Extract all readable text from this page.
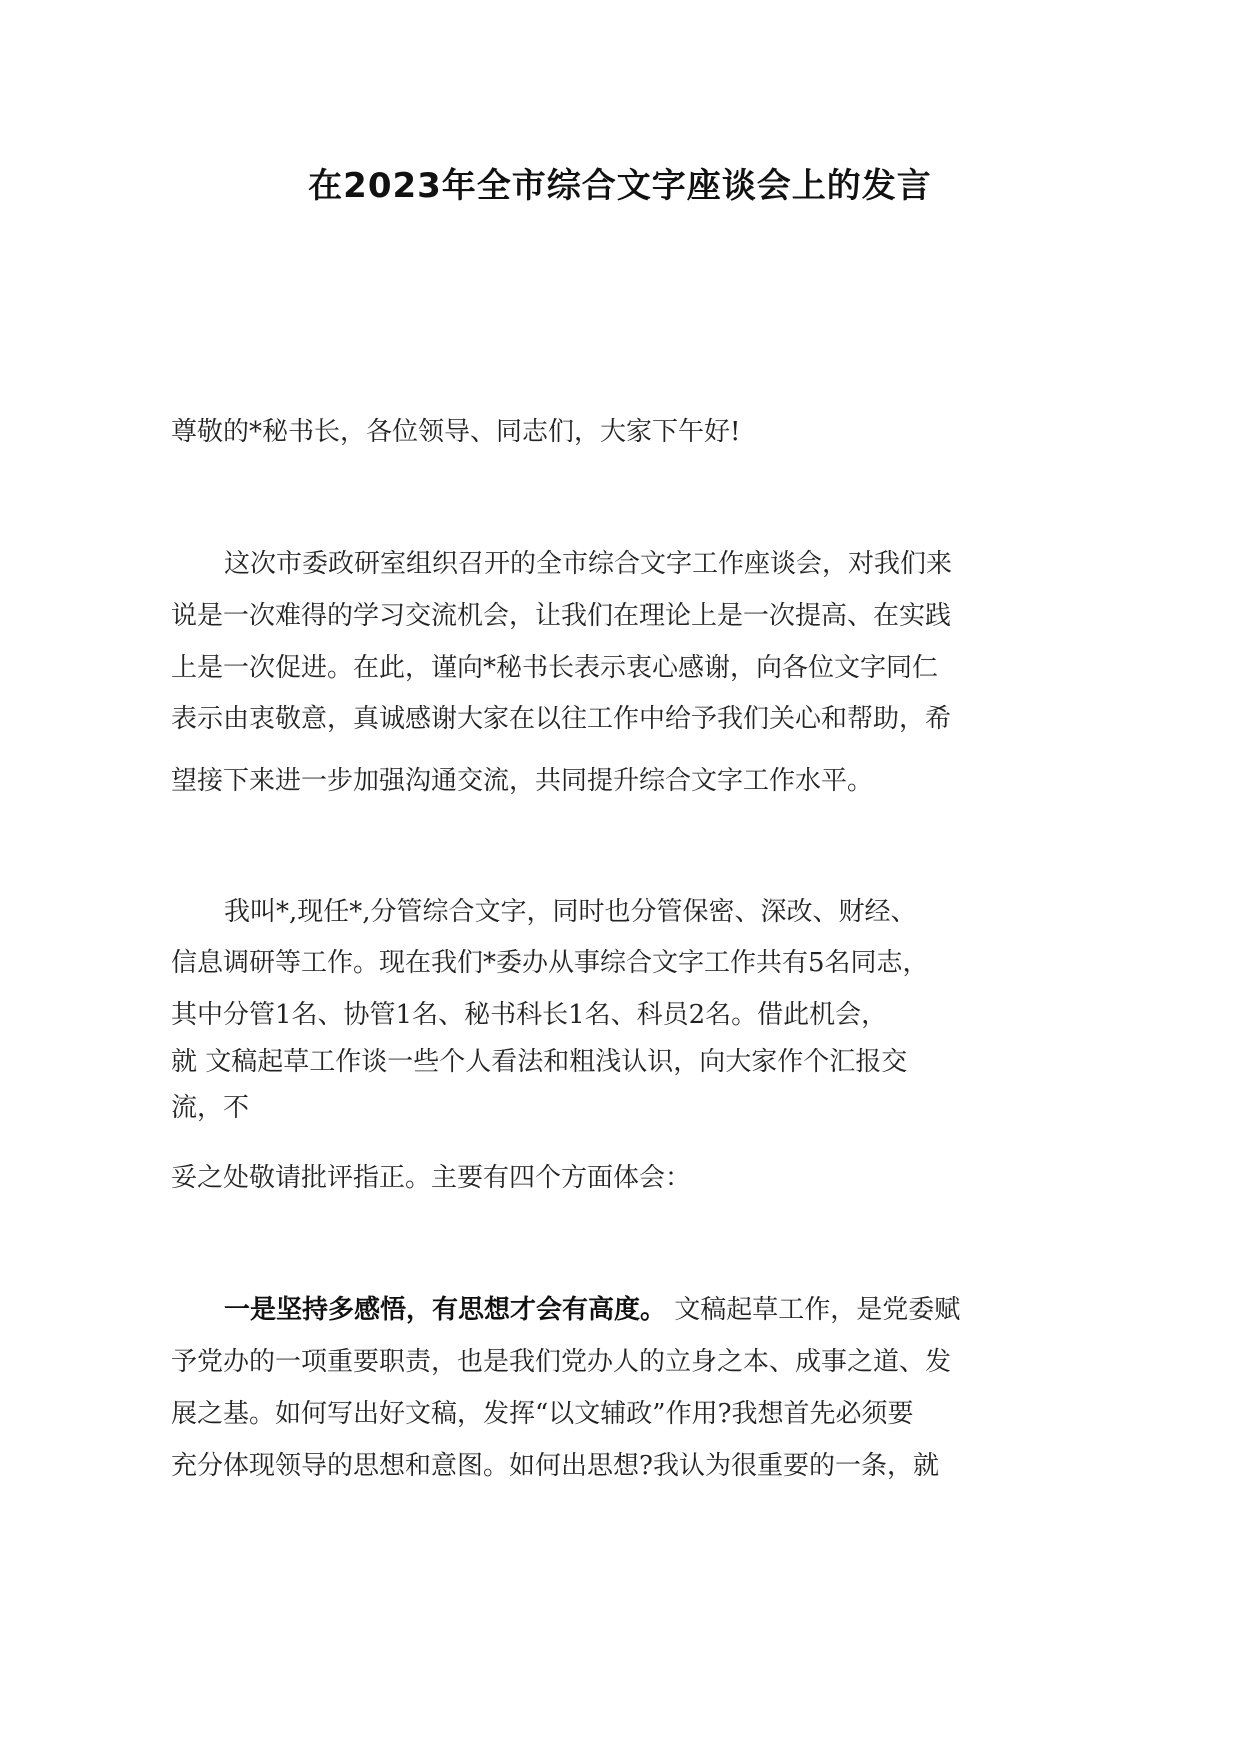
在2023年全市综合文字座谈会上的发言
尊敬的*秘书长，各位领导、同志们，大家下午好!
这次市委政研室组织召开的全市综合文字工作座谈会，对我们来
说是一次难得的学习交流机会，让我们在理论上是一次提高、在实践
上是一次促进。在此，谨向*秘书长表示衷心感谢，向各位文字同仁
表示由衷敬意，真诚感谢大家在以往工作中给予我们关心和帮助，希
望接下来进一步加强沟通交流，共同提升综合文字工作水平。
我叫*,现任*,分管综合文字，同时也分管保密、深改、财经、
信息调研等工作。现在我们*委办从事综合文字工作共有5名同志，
其中分管1名、协管1名、秘书科长1名、科员2名。借此机会，
就 文稿起草工作谈一些个人看法和粗浅认识，向大家作个汇报交
流，不
妥之处敬请批评指正。主要有四个方面体会：
一是坚持多感悟，有思想才会有高度。 文稿起草工作，是党委赋
予党办的一项重要职责，也是我们党办人的立身之本、成事之道、发
展之基。如何写出好文稿，发挥“以文辅政”作用?我想首先必须要
充分体现领导的思想和意图。如何出思想?我认为很重要的一条，就
